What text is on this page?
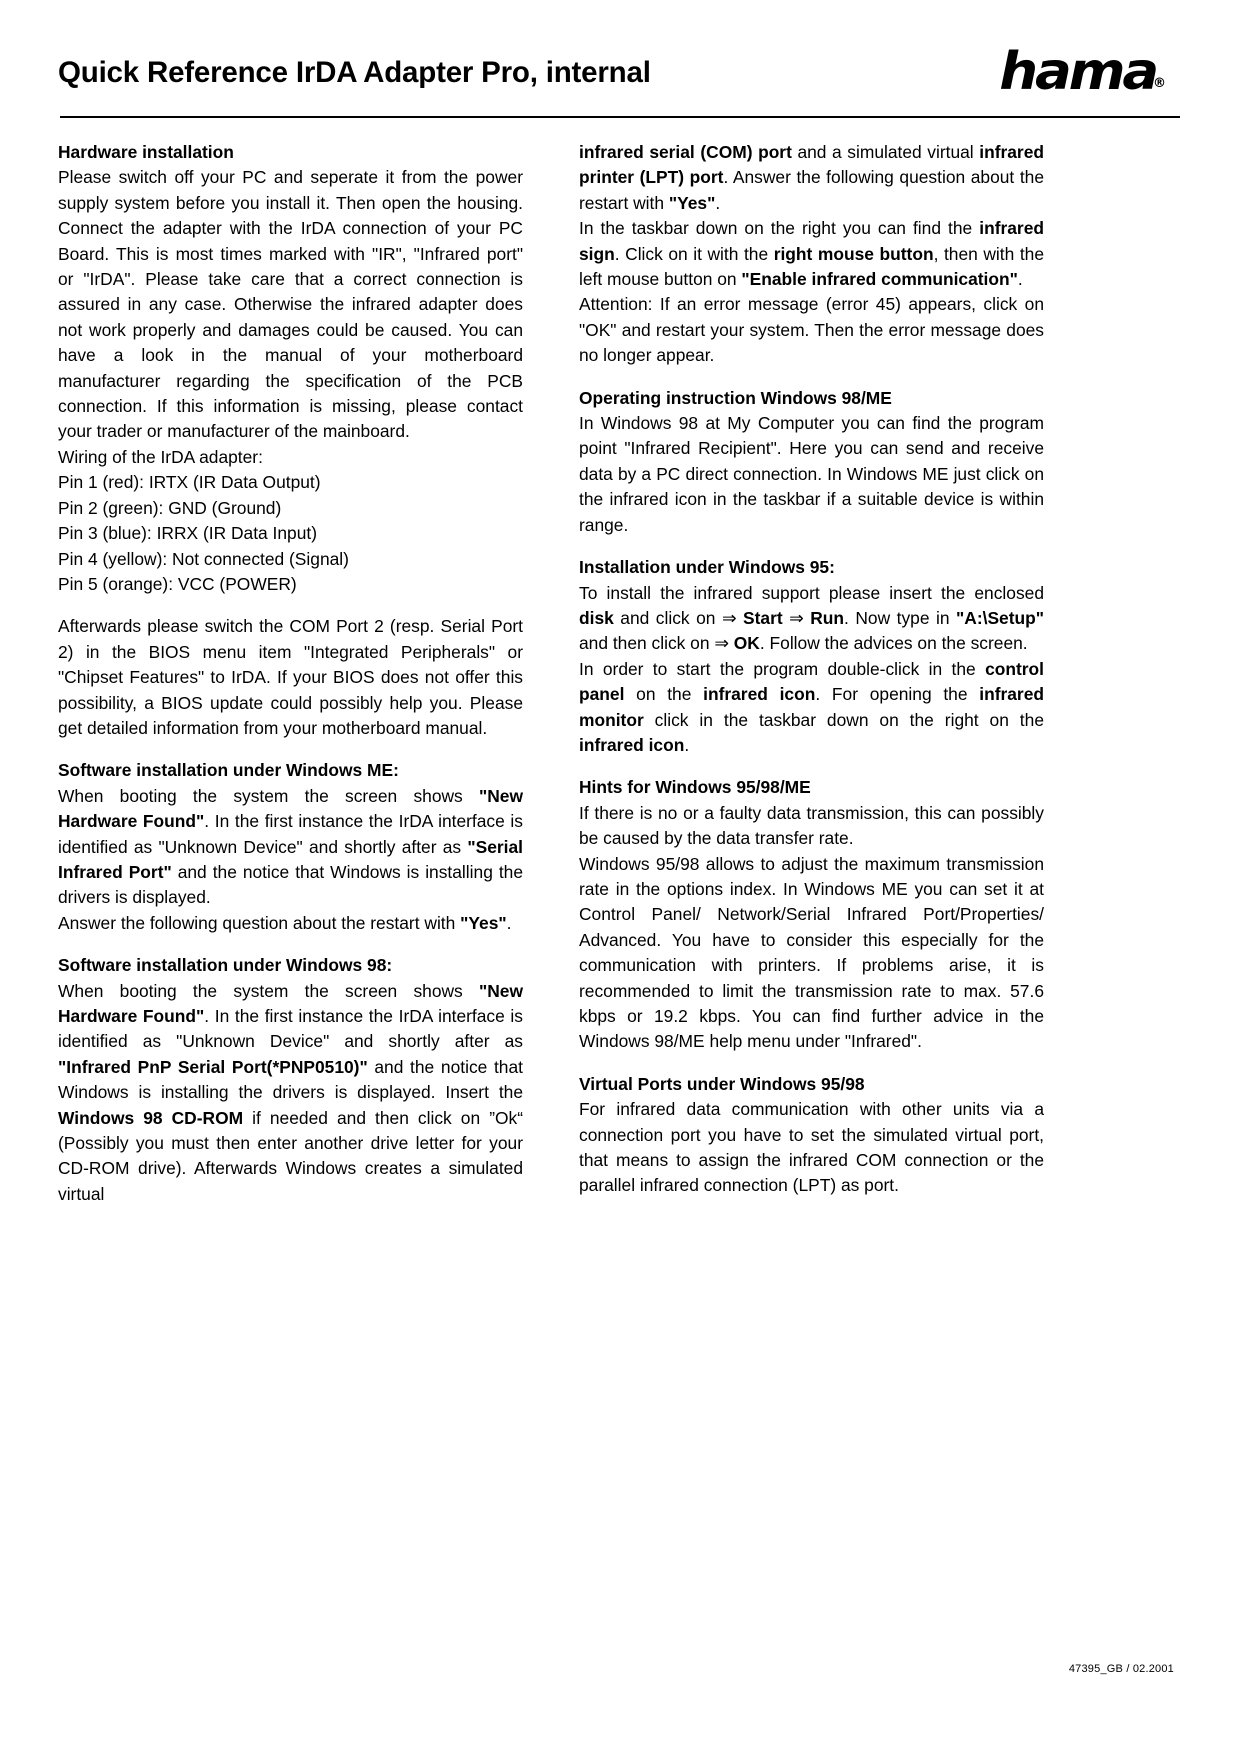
Quick Reference IrDA Adapter Pro, internal	hama
®

Hardware installation

Please switch off your PC and seperate it from the power supply system before you install it. Then open the housing. Connect the adapter with the IrDA connection of your PC Board. This is most times marked with "IR", "Infrared port" or "IrDA". Please take care that a correct connection is assured in any case. Otherwise the infrared adapter does not work properly and damages could be caused. You can have a look in the manual of your motherboard manufacturer regarding the specification of the PCB connection. If this information is missing, please contact your trader or manufacturer of the mainboard.

Wiring of the IrDA adapter:

Pin 1 (red): IRTX (IR Data Output)

Pin 2 (green): GND (Ground)

Pin 3 (blue): IRRX (IR Data Input)

Pin 4 (yellow): Not connected (Signal)

Pin 5 (orange): VCC (POWER)

Afterwards please switch the COM Port 2 (resp. Serial Port 2) in the BIOS menu item "Integrated Peripherals" or "Chipset Features" to IrDA. If your BIOS does not offer this possibility, a BIOS update could possibly help you. Please get detailed information from your motherboard manual.

Software installation under Windows ME:

When booting the system the screen shows "New Hardware Found". In the first instance the IrDA interface is identified as "Unknown Device" and shortly after as "Serial Infrared Port" and the notice that Windows is installing the drivers is displayed.

Answer the following question about the restart with "Yes".

Software installation under Windows 98:

When booting the system the screen shows "New Hardware Found". In the first instance the IrDA interface is identified as "Unknown Device" and shortly after as "Infrared PnP Serial Port(*PNP0510)" and the notice that Windows is installing the drivers is displayed. Insert the Windows 98 CD-ROM if needed and then click on ”Ok“ (Possibly you must then enter another drive letter for your CD-ROM drive). Afterwards Windows creates a simulated virtual

infrared serial (COM) port and a simulated virtual infrared printer (LPT) port. Answer the following question about the restart with "Yes".

In the taskbar down on the right you can find the infrared sign. Click on it with the right mouse button, then with the left mouse button on "Enable infrared communication".

Attention: If an error message (error 45) appears, click on "OK" and restart your system. Then the error message does no longer appear.

Operating instruction Windows 98/ME

In Windows 98 at My Computer you can find the program point "Infrared Recipient". Here you can send and receive data by a PC direct connection. In Windows ME just click on the infrared icon in the taskbar if a suitable device is within range.

Installation under Windows 95:

To install the infrared support please insert the enclosed disk and click on ⇒ Start ⇒ Run. Now type in "A:\Setup" and then click on ⇒ OK. Follow the advices on the screen.

In order to start the program double-click in the control panel on the infrared icon. For opening the infrared monitor click in the taskbar down on the right on the infrared icon.

Hints for Windows 95/98/ME

If there is no or a faulty data transmission, this can possibly be caused by the data transfer rate.

Windows 95/98 allows to adjust the maximum transmission rate in the options index. In Windows ME you can set it at Control Panel/ Network/Serial Infrared Port/Properties/ Advanced. You have to consider this especially for the communication with printers. If problems arise, it is recommended to limit the transmission rate to max. 57.6 kbps or 19.2 kbps. You can find further advice in the Windows 98/ME help menu under "Infrared".

Virtual Ports under Windows 95/98

For infrared data communication with other units via a connection port you have to set the simulated virtual port, that means to assign the infrared COM connection or the parallel infrared connection (LPT) as port.

47395_GB / 02.2001
